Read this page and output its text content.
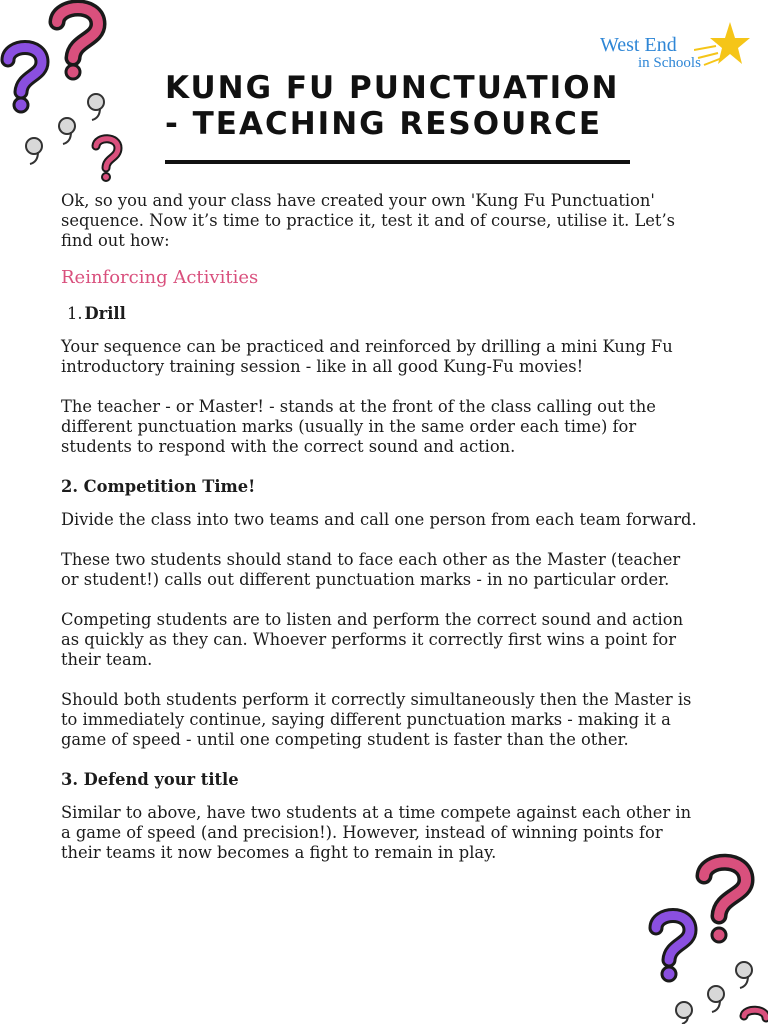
West End
in Schools
KUNG FU PUNCTUATION
- TEACHING RESOURCE

Ok, so you and your class have created your own 'Kung Fu Punctuation' sequence. Now it’s time to practice it, test it and of course, utilise it. Let’s find out how:

Reinforcing Activities

1. Drill

Your sequence can be practiced and reinforced by drilling a mini Kung Fu introductory training session - like in all good Kung-Fu movies!

The teacher - or Master! - stands at the front of the class calling out the different punctuation marks (usually in the same order each time) for students to respond with the correct sound and action.

2. Competition Time!

Divide the class into two teams and call one person from each team forward.

These two students should stand to face each other as the Master (teacher or student!) calls out different punctuation marks - in no particular order.

Competing students are to listen and perform the correct sound and action as quickly as they can. Whoever performs it correctly first wins a point for their team.

Should both students perform it correctly simultaneously then the Master is to immediately continue, saying different punctuation marks - making it a game of speed - until one competing student is faster than the other.

3. Defend your title

Similar to above, have two students at a time compete against each other in a game of speed (and precision!). However, instead of winning points for their teams it now becomes a fight to remain in play.
